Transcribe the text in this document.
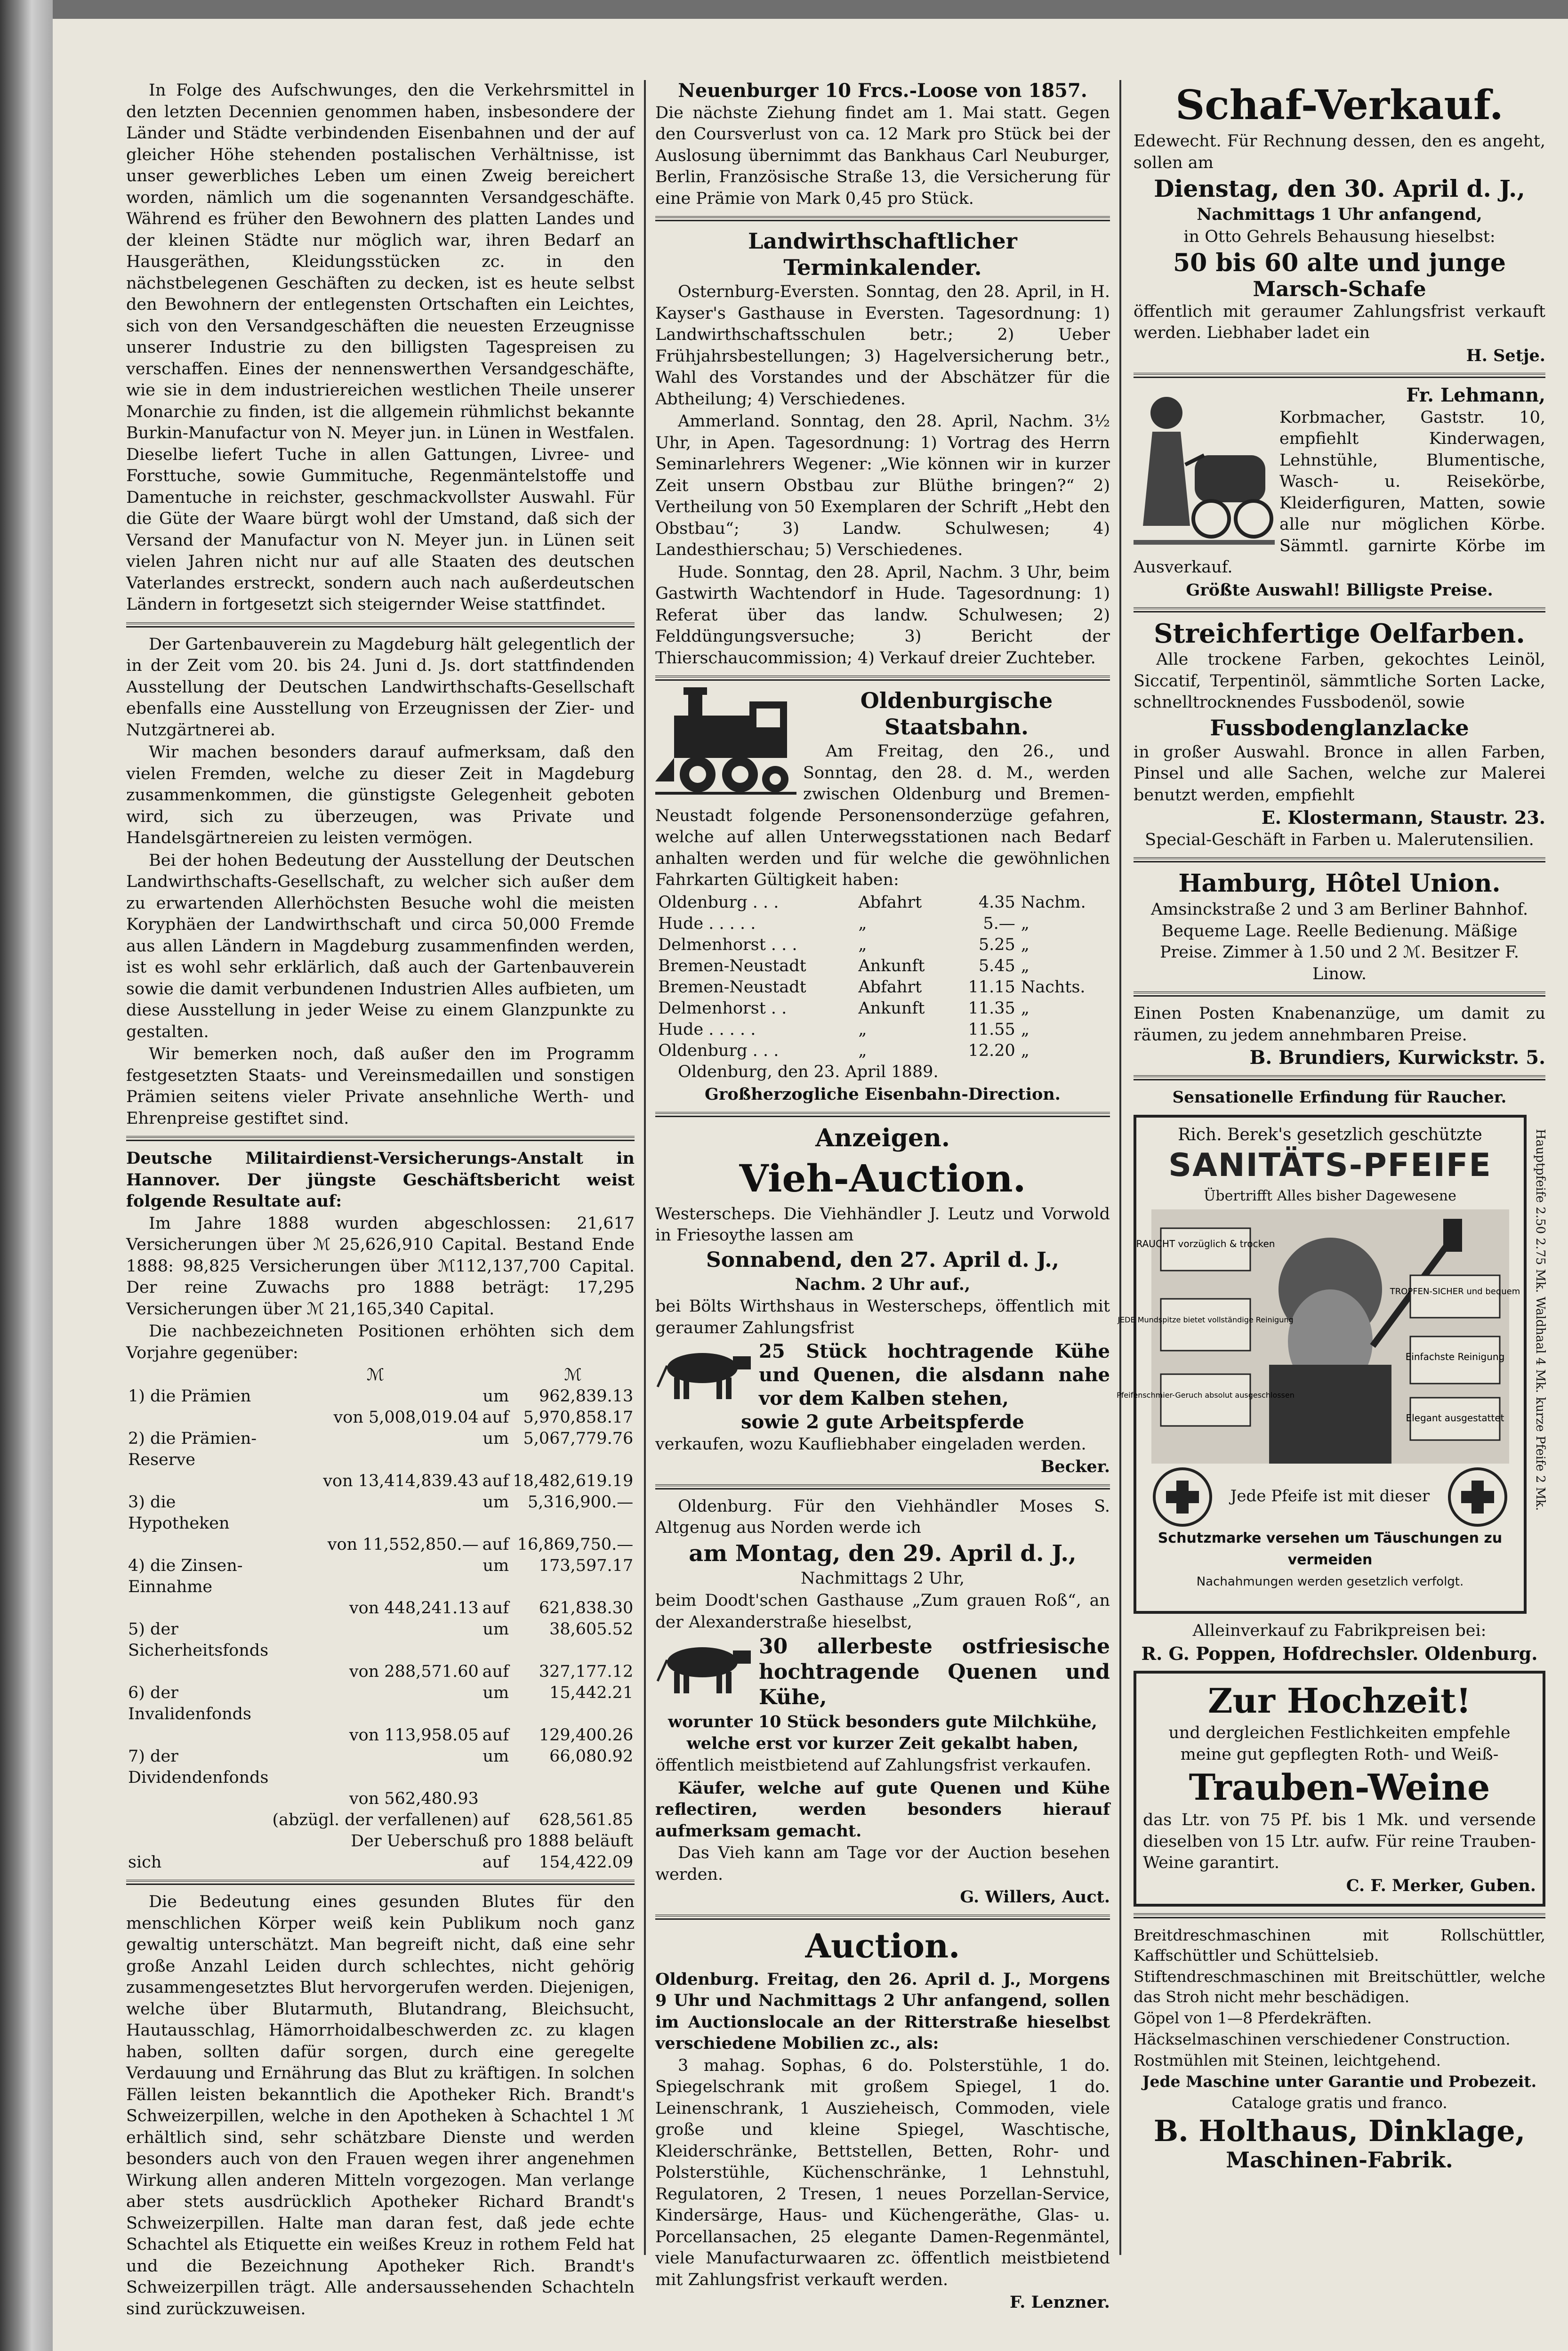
In Folge des Aufschwunges, den die Verkehrsmittel in den letzten Decennien genommen haben, insbesondere der Länder und Städte verbindenden Eisenbahnen und der auf gleicher Höhe stehenden postalischen Verhältnisse, ist unser gewerbliches Leben um einen Zweig bereichert worden, nämlich um die sogenannten Versandgeschäfte. Während es früher den Bewohnern des platten Landes und der kleinen Städte nur möglich war, ihren Bedarf an Hausgeräthen, Kleidungsstücken zc. in den nächstbelegenen Geschäften zu decken, ist es heute selbst den Bewohnern der entlegensten Ortschaften ein Leichtes, sich von den Versandgeschäften die neuesten Erzeugnisse unserer Industrie zu den billigsten Tagespreisen zu verschaffen. Eines der nennenswerthen Versandgeschäfte, wie sie in dem industriereichen westlichen Theile unserer Monarchie zu finden, ist die allgemein rühmlichst bekannte Burkin-Manufactur von N. Meyer jun. in Lünen in Westfalen. Dieselbe liefert Tuche in allen Gattungen, Livree- und Forsttuche, sowie Gummituche, Regenmäntelstoffe und Damentuche in reichster, geschmackvollster Auswahl. Für die Güte der Waare bürgt wohl der Umstand, daß sich der Versand der Manufactur von N. Meyer jun. in Lünen seit vielen Jahren nicht nur auf alle Staaten des deutschen Vaterlandes erstreckt, sondern auch nach außerdeutschen Ländern in fortgesetzt sich steigernder Weise stattfindet.

Der Gartenbauverein zu Magdeburg hält gelegentlich der in der Zeit vom 20. bis 24. Juni d. Js. dort stattfindenden Ausstellung der Deutschen Landwirthschafts-Gesellschaft ebenfalls eine Ausstellung von Erzeugnissen der Zier- und Nutzgärtnerei ab.

Wir machen besonders darauf aufmerksam, daß den vielen Fremden, welche zu dieser Zeit in Magdeburg zusammenkommen, die günstigste Gelegenheit geboten wird, sich zu überzeugen, was Private und Handelsgärtnereien zu leisten vermögen.

Bei der hohen Bedeutung der Ausstellung der Deutschen Landwirthschafts-Gesellschaft, zu welcher sich außer dem zu erwartenden Allerhöchsten Besuche wohl die meisten Koryphäen der Landwirthschaft und circa 50,000 Fremde aus allen Ländern in Magdeburg zusammenfinden werden, ist es wohl sehr erklärlich, daß auch der Gartenbauverein sowie die damit verbundenen Industrien Alles aufbieten, um diese Ausstellung in jeder Weise zu einem Glanzpunkte zu gestalten.

Wir bemerken noch, daß außer den im Programm festgesetzten Staats- und Vereinsmedaillen und sonstigen Prämien seitens vieler Private ansehnliche Werth- und Ehrenpreise gestiftet sind.

Deutsche Militairdienst-Versicherungs-Anstalt in Hannover. Der jüngste Geschäftsbericht weist folgende Resultate auf:

Im Jahre 1888 wurden abgeschlossen: 21,617 Versicherungen über ℳ 25,626,910 Capital. Bestand Ende 1888: 98,825 Versicherungen über ℳ112,137,700 Capital. Der reine Zuwachs pro 1888 beträgt: 17,295 Versicherungen über ℳ 21,165,340 Capital.

Die nachbezeichneten Positionen erhöhten sich dem Vorjahre gegenüber:

	ℳ		ℳ
1) die Prämien		um	962,839.13
	von 5,008,019.04	auf	5,970,858.17
2) die Prämien-Reserve		um	5,067,779.76
	von 13,414,839.43	auf	18,482,619.19
3) die Hypotheken		um	5,316,900.—
	von 11,552,850.—	auf	16,869,750.—
4) die Zinsen-Einnahme		um	173,597.17
	von 448,241.13	auf	621,838.30
5) der Sicherheitsfonds		um	38,605.52
	von 288,571.60	auf	327,177.12
6) der Invalidenfonds		um	15,442.21
	von 113,958.05	auf	129,400.26
7) der Dividendenfonds		um	66,080.92
	von 562,480.93		
	(abzügl. der verfallenen)	auf	628,561.85
Der Ueberschuß pro 1888 beläuft			
sich		auf	154,422.09

Die Bedeutung eines gesunden Blutes für den menschlichen Körper weiß kein Publikum noch ganz gewaltig unterschätzt. Man begreift nicht, daß eine sehr große Anzahl Leiden durch schlechtes, nicht gehörig zusammengesetztes Blut hervorgerufen werden. Diejenigen, welche über Blutarmuth, Blutandrang, Bleichsucht, Hautausschlag, Hämorrhoidalbeschwerden zc. zu klagen haben, sollten dafür sorgen, durch eine geregelte Verdauung und Ernährung das Blut zu kräftigen. In solchen Fällen leisten bekanntlich die Apotheker Rich. Brandt's Schweizerpillen, welche in den Apotheken à Schachtel 1 ℳ erhältlich sind, sehr schätzbare Dienste und werden besonders auch von den Frauen wegen ihrer angenehmen Wirkung allen anderen Mitteln vorgezogen. Man verlange aber stets ausdrücklich Apotheker Richard Brandt's Schweizerpillen. Halte man daran fest, daß jede echte Schachtel als Etiquette ein weißes Kreuz in rothem Feld hat und die Bezeichnung Apotheker Rich. Brandt's Schweizerpillen trägt. Alle andersaussehenden Schachteln sind zurückzuweisen.

Neuenburger 10 Frcs.-Loose von 1857.

Die nächste Ziehung findet am 1. Mai statt. Gegen den Coursverlust von ca. 12 Mark pro Stück bei der Auslosung übernimmt das Bankhaus Carl Neuburger, Berlin, Französische Straße 13, die Versicherung für eine Prämie von Mark 0,45 pro Stück.

Landwirthschaftlicher Terminkalender.

Osternburg-Eversten. Sonntag, den 28. April, in H. Kayser's Gasthause in Eversten. Tagesordnung: 1) Landwirthschaftsschulen betr.; 2) Ueber Frühjahrsbestellungen; 3) Hagelversicherung betr., Wahl des Vorstandes und der Abschätzer für die Abtheilung; 4) Verschiedenes.

Ammerland. Sonntag, den 28. April, Nachm. 3½ Uhr, in Apen. Tagesordnung: 1) Vortrag des Herrn Seminarlehrers Wegener: „Wie können wir in kurzer Zeit unsern Obstbau zur Blüthe bringen?“ 2) Vertheilung von 50 Exemplaren der Schrift „Hebt den Obstbau“; 3) Landw. Schulwesen; 4) Landesthierschau; 5) Verschiedenes.

Hude. Sonntag, den 28. April, Nachm. 3 Uhr, beim Gastwirth Wachtendorf in Hude. Tagesordnung: 1) Referat über das landw. Schulwesen; 2) Felddüngungsversuche; 3) Bericht der Thierschaucommission; 4) Verkauf dreier Zuchteber.

Oldenburgische Staatsbahn.

Am Freitag, den 26., und Sonntag, den 28. d. M., werden zwischen Oldenburg und Bremen-Neustadt folgende Personensonderzüge gefahren, welche auf allen Unterwegsstationen nach Bedarf anhalten werden und für welche die gewöhnlichen Fahrkarten Gültigkeit haben:

Oldenburg . . .	Abfahrt	4.35	Nachm.
Hude . . . . .	„	5.—	„
Delmenhorst . . .	„	5.25	„
Bremen-Neustadt	Ankunft	5.45	„
Bremen-Neustadt	Abfahrt	11.15	Nachts.
Delmenhorst . .	Ankunft	11.35	„
Hude . . . . .	„	11.55	„
Oldenburg . . .	„	12.20	„

Oldenburg, den 23. April 1889.

Großherzogliche Eisenbahn-Direction.

Anzeigen.

Vieh-Auction.

Westerscheps. Die Viehhändler J. Leutz und Vorwold in Friesoythe lassen am

Sonnabend, den 27. April d. J.,

Nachm. 2 Uhr auf.,

bei Bölts Wirthshaus in Westerscheps, öffentlich mit geraumer Zahlungsfrist

25 Stück hochtragende Kühe und Quenen, die alsdann nahe vor dem Kalben stehen,

sowie 2 gute Arbeitspferde

verkaufen, wozu Kaufliebhaber eingeladen werden.

Becker.

Oldenburg. Für den Viehhändler Moses S. Altgenug aus Norden werde ich

am Montag, den 29. April d. J.,

Nachmittags 2 Uhr,

beim Doodt'schen Gasthause „Zum grauen Roß“, an der Alexanderstraße hieselbst,

30 allerbeste ostfriesische hochtragende Quenen und Kühe,

worunter 10 Stück besonders gute Milchkühe, welche erst vor kurzer Zeit gekalbt haben,

öffentlich meistbietend auf Zahlungsfrist verkaufen.

Käufer, welche auf gute Quenen und Kühe reflectiren, werden besonders hierauf aufmerksam gemacht.

Das Vieh kann am Tage vor der Auction besehen werden.

G. Willers, Auct.

Auction.

Oldenburg. Freitag, den 26. April d. J., Morgens 9 Uhr und Nachmittags 2 Uhr anfangend, sollen im Auctionslocale an der Ritterstraße hieselbst verschiedene Mobilien zc., als:

3 mahag. Sophas, 6 do. Polsterstühle, 1 do. Spiegelschrank mit großem Spiegel, 1 do. Leinenschrank, 1 Auszieheisch, Commoden, viele große und kleine Spiegel, Waschtische, Kleiderschränke, Bettstellen, Betten, Rohr- und Polsterstühle, Küchenschränke, 1 Lehnstuhl, Regulatoren, 2 Tresen, 1 neues Porzellan-Service, Kindersärge, Haus- und Küchengeräthe, Glas- u. Porcellansachen, 25 elegante Damen-Regenmäntel, viele Manufacturwaaren zc. öffentlich meistbietend mit Zahlungsfrist verkauft werden.

F. Lenzner.

Schaf-Verkauf.

Edewecht. Für Rechnung dessen, den es angeht, sollen am

Dienstag, den 30. April d. J.,

Nachmittags 1 Uhr anfangend,

in Otto Gehrels Behausung hieselbst:

50 bis 60 alte und junge

Marsch-Schafe

öffentlich mit geraumer Zahlungsfrist verkauft werden. Liebhaber ladet ein

H. Setje.

Fr. Lehmann,

Korbmacher, Gaststr. 10, empfiehlt Kinderwagen, Lehnstühle, Blumentische, Wasch- u. Reisekörbe, Kleiderfiguren, Matten, sowie alle nur möglichen Körbe. Sämmtl. garnirte Körbe im Ausverkauf.

Größte Auswahl! Billigste Preise.

Streichfertige Oelfarben.

Alle trockene Farben, gekochtes Leinöl, Siccatif, Terpentinöl, sämmtliche Sorten Lacke, schnelltrocknendes Fussbodenöl, sowie

Fussbodenglanzlacke

in großer Auswahl. Bronce in allen Farben, Pinsel und alle Sachen, welche zur Malerei benutzt werden, empfiehlt

E. Klostermann, Staustr. 23.

Special-Geschäft in Farben u. Malerutensilien.

Hamburg, Hôtel Union.

Amsinckstraße 2 und 3 am Berliner Bahnhof. Bequeme Lage. Reelle Bedienung. Mäßige Preise. Zimmer à 1.50 und 2 ℳ. Besitzer F. Linow.

Einen Posten Knabenanzüge, um damit zu räumen, zu jedem annehmbaren Preise.

B. Brundiers, Kurwickstr. 5.

Sensationelle Erfindung für Raucher.

Rich. Berek's gesetzlich geschützte

SANITÄTS-PFEIFE

Übertrifft Alles bisher Dagewesene

RAUCHT vorzüglich & trocken
JEDE Mundspitze bietet vollständige Reinigung
Pfeifenschmier-Geruch absolut ausgeschlossen
TROPFEN-SICHER und bequem
Einfachste Reinigung
Elegant ausgestattet

Jede Pfeife ist mit dieser

Schutzmarke versehen um Täuschungen zu vermeiden

Nachahmungen werden gesetzlich verfolgt.

Hauptpfeife 2.50 2.75 Mk. Waldhaal 4 Mk. kurze Pfeife 2 Mk.

Alleinverkauf zu Fabrikpreisen bei:

R. G. Poppen, Hofdrechsler. Oldenburg.

Zur Hochzeit!

und dergleichen Festlichkeiten empfehle meine gut gepflegten Roth- und Weiß-

Trauben-Weine

das Ltr. von 75 Pf. bis 1 Mk. und versende dieselben von 15 Ltr. aufw. Für reine Trauben-Weine garantirt.

C. F. Merker, Guben.

Breitdreschmaschinen mit Rollschüttler, Kaffschüttler und Schüttelsieb.

Stiftendreschmaschinen mit Breitschüttler, welche das Stroh nicht mehr beschädigen.

Göpel von 1—8 Pferdekräften.

Häckselmaschinen verschiedener Construction.

Rostmühlen mit Steinen, leichtgehend.

Jede Maschine unter Garantie und Probezeit.

Cataloge gratis und franco.

B. Holthaus, Dinklage,

Maschinen-Fabrik.
